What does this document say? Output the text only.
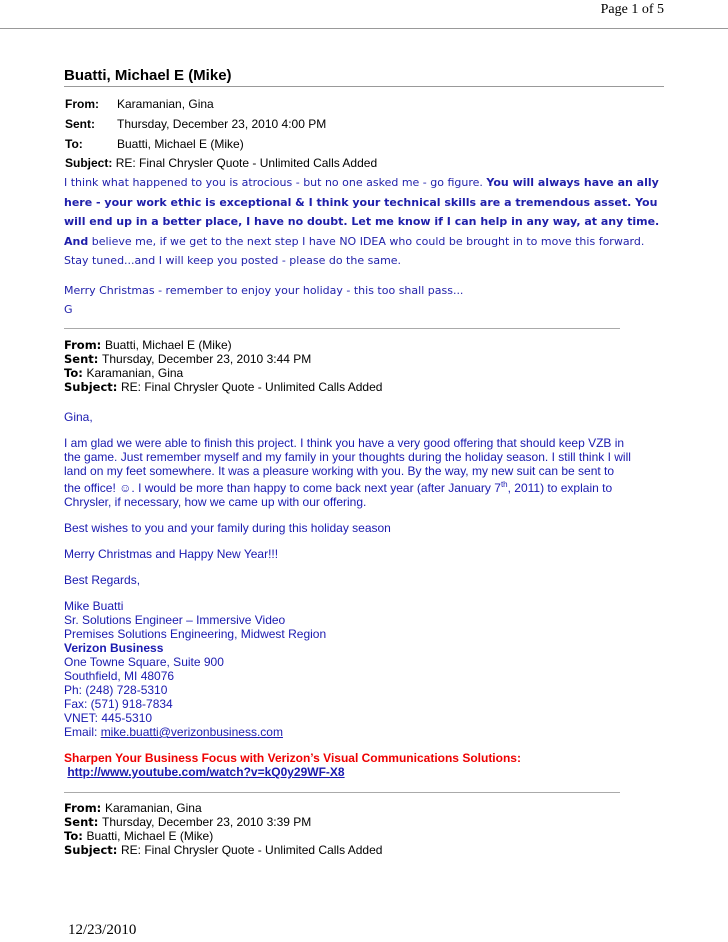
Page 1 of 5
Buatti, Michael E (Mike)
From: Karamanian, Gina
Sent: Thursday, December 23, 2010 4:00 PM
To:	Buatti, Michael E (Mike)
Subject: RE: Final Chrysler Quote - Unlimited Calls Added

I think what happened to you is atrocious - but no one asked me - go figure. You will always have an ally here - your work ethic is exceptional & I think your technical skills are a tremendous asset. You will end up in a better place, I have no doubt. Let me know if I can help in any way, at any time. And believe me, if we get to the next step I have NO IDEA who could be brought in to move this forward. Stay tuned...and I will keep you posted - please do the same.

Merry Christmas - remember to enjoy your holiday - this too shall pass...

G

From: Buatti, Michael E (Mike)
Sent: Thursday, December 23, 2010 3:44 PM
To: Karamanian, Gina
Subject: RE: Final Chrysler Quote - Unlimited Calls Added

Gina,

I am glad we were able to finish this project. I think you have a very good offering that should keep VZB in the game. Just remember myself and my family in your thoughts during the holiday season. I still think I will land on my feet somewhere. It was a pleasure working with you. By the way, my new suit can be sent to the office! ☺. I would be more than happy to come back next year (after January 7th, 2011) to explain to Chrysler, if necessary, how we came up with our offering.

Best wishes to you and your family during this holiday season

Merry Christmas and Happy New Year!!!

Best Regards,

Mike Buatti

Sr. Solutions Engineer – Immersive Video

Premises Solutions Engineering, Midwest Region

Verizon Business

One Towne Square, Suite 900

Southfield, MI 48076

Ph: (248) 728-5310

Fax: (571) 918-7834

VNET: 445-5310

Email: mike.buatti@verizonbusiness.com

Sharpen Your Business Focus with Verizon’s Visual Communications Solutions:

http://www.youtube.com/watch?v=kQ0y29WF-X8

From: Karamanian, Gina
Sent: Thursday, December 23, 2010 3:39 PM
To: Buatti, Michael E (Mike)
Subject: RE: Final Chrysler Quote - Unlimited Calls Added
12/23/2010
